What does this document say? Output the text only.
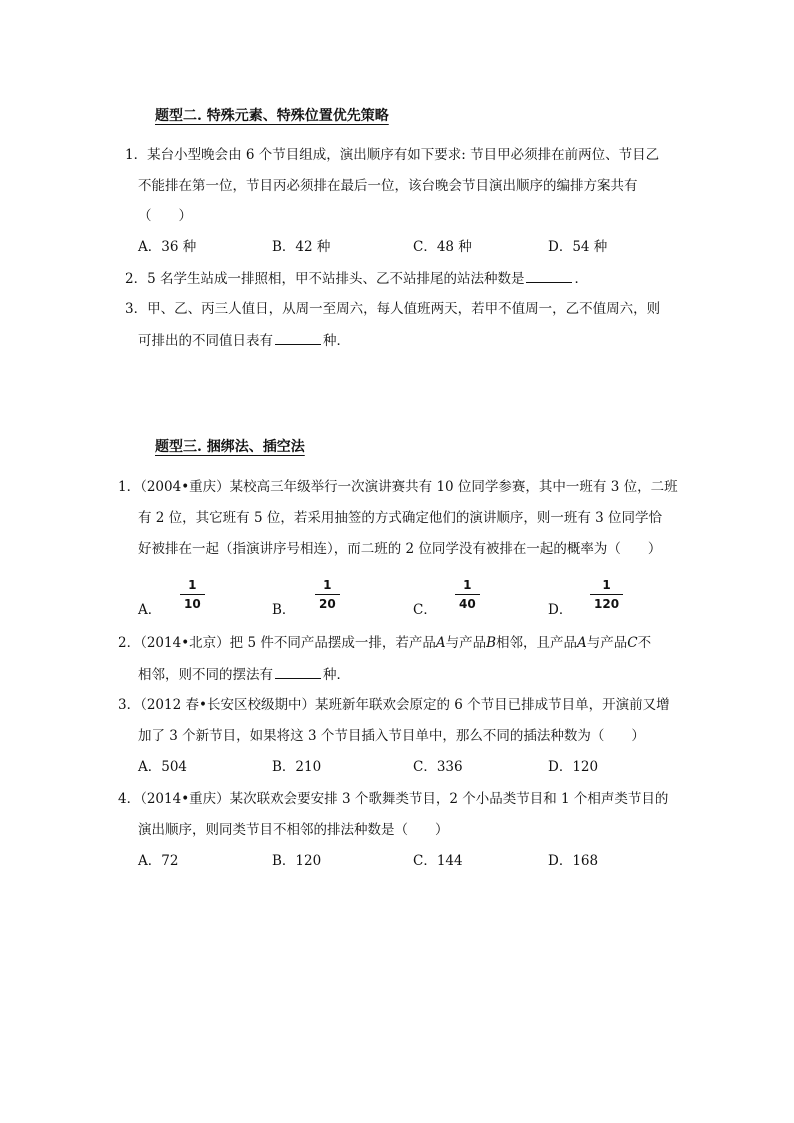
题型二. 特殊元素、特殊位置优先策略
1．某台小型晚会由 6 个节目组成，演出顺序有如下要求: 节目甲必须排在前两位、节目乙
不能排在第一位，节目丙必须排在最后一位，该台晚会节目演出顺序的编排方案共有
（　　）
A．36 种	B．42 种	C．48 种	D．54 种
2．5 名学生站成一排照相，甲不站排头、乙不站排尾的站法种数是	．
3．甲、乙、丙三人值日，从周一至周六，每人值班两天，若甲不值周一，乙不值周六，则
可排出的不同值日表有	种．
题型三. 捆绑法、插空法
1．（2004•重庆）某校高三年级举行一次演讲赛共有 10 位同学参赛，其中一班有 3 位，二班
有 2 位，其它班有 5 位，若采用抽签的方式确定他们的演讲顺序，则一班有 3 位同学恰
好被排在一起（指演讲序号相连），而二班的 2 位同学没有被排在一起的概率为（　　）
A．
1
10	B．
1
20	C．
1
40	D．
1
120
2．（2014•北京）把 5 件不同产品摆成一排，若产品A与产品B相邻，且产品A与产品C不
相邻，则不同的摆法有	种．
3．（2012 春•长安区校级期中）某班新年联欢会原定的 6 个节目已排成节目单，开演前又增
加了 3 个新节目，如果将这 3 个节目插入节目单中，那么不同的插法种数为（　　）
A．504	B．210	C．336	D．120
4．（2014•重庆）某次联欢会要安排 3 个歌舞类节目，2 个小品类节目和 1 个相声类节目的
演出顺序，则同类节目不相邻的排法种数是（　　）
A．72	B．120	C．144	D．168
